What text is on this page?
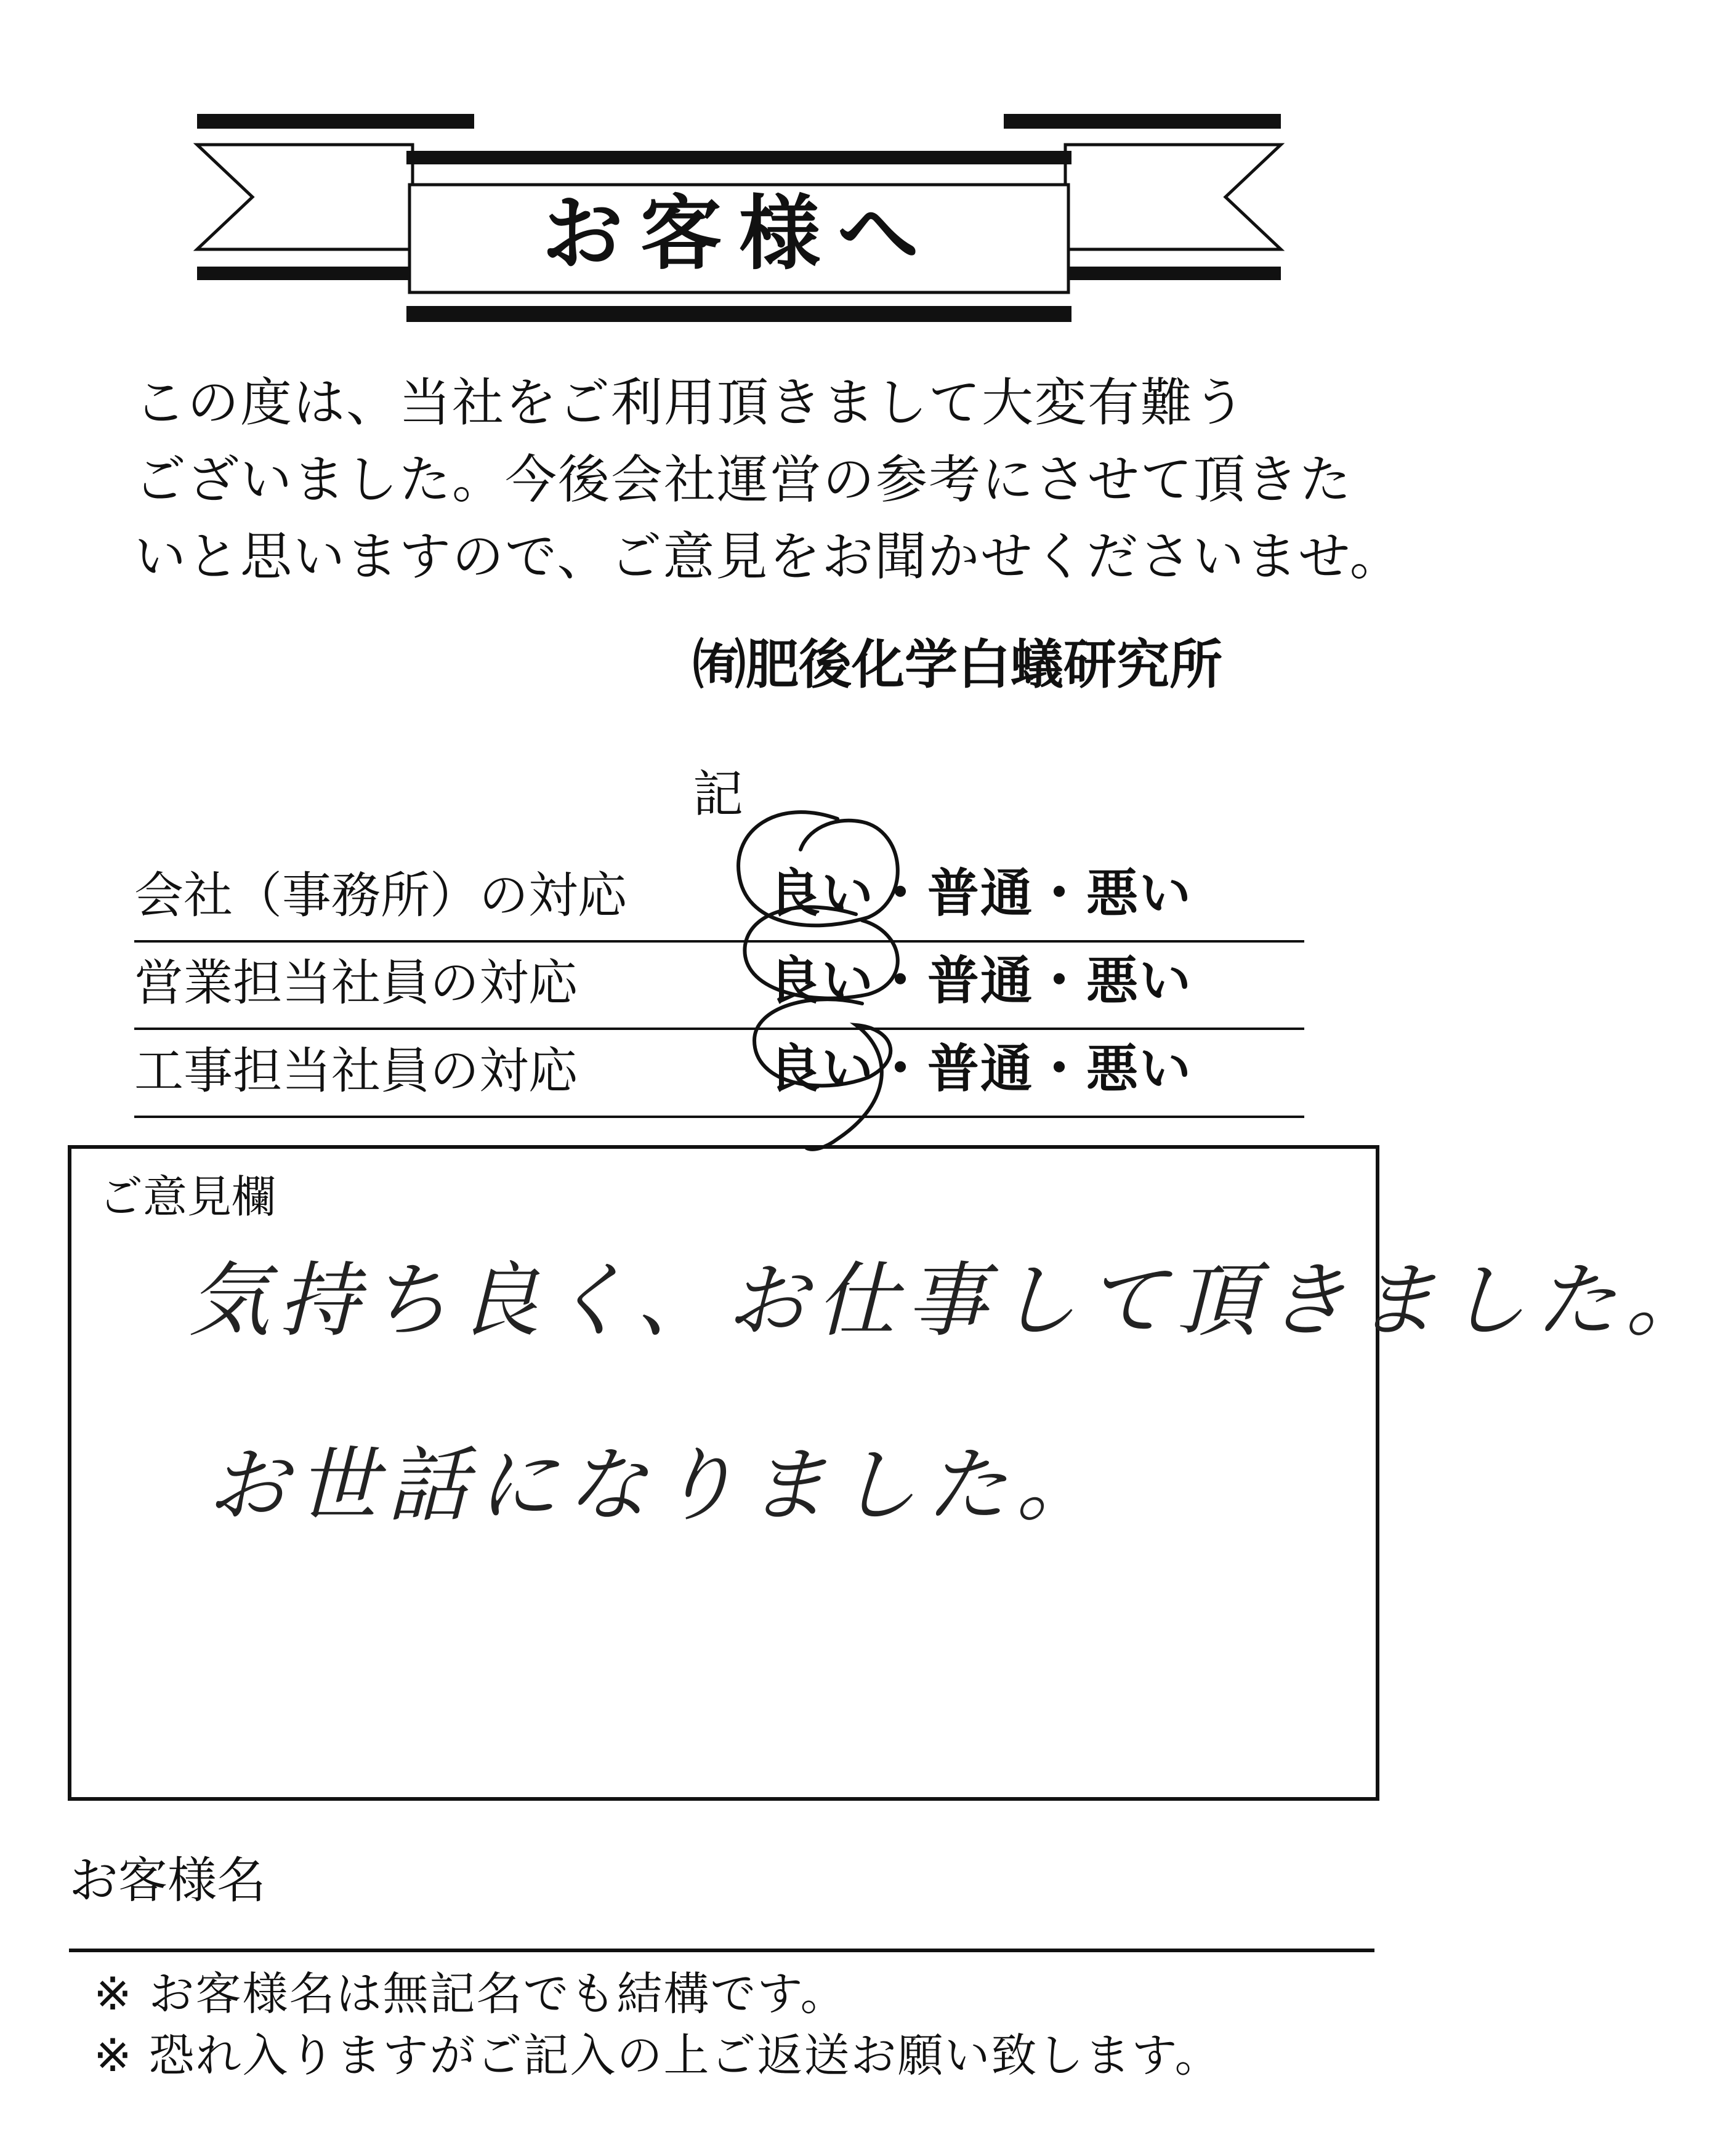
お客様へ
この度は、当社をご利用頂きまして大変有難う
ございました。今後会社運営の参考にさせて頂きた
いと思いますので、ご意見をお聞かせくださいませ。
㈲肥後化学白蟻研究所
記
会社（事務所）の対応	良い・普通・悪い
営業担当社員の対応	良い・普通・悪い
工事担当社員の対応	良い・普通・悪い
ご意見欄
気持ち良く、お仕事して頂きました。
お世話になりました。
お客様名
※ お客様名は無記名でも結構です。
※ 恐れ入りますがご記入の上ご返送お願い致します。
